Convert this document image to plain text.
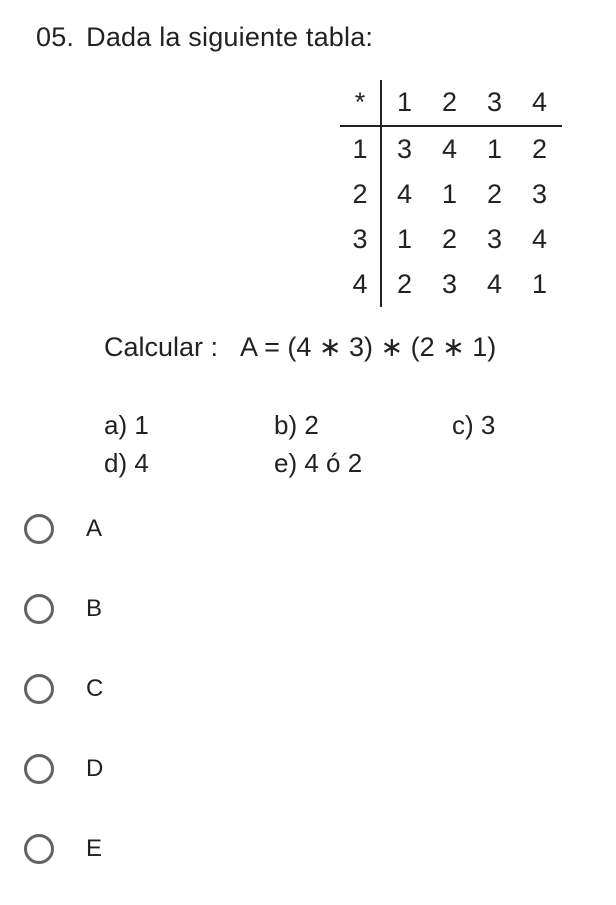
05. Dada la siguiente tabla:
*	1	2	3	4
1	3	4	1	2
2	4	1	2	3
3	1	2	3	4
4	2	3	4	1
Calcular : A = (4 ∗ 3) ∗ (2 ∗ 1)
a) 1	b) 2	c) 3
d) 4	e) 4 ó 2
A
B
C
D
E
